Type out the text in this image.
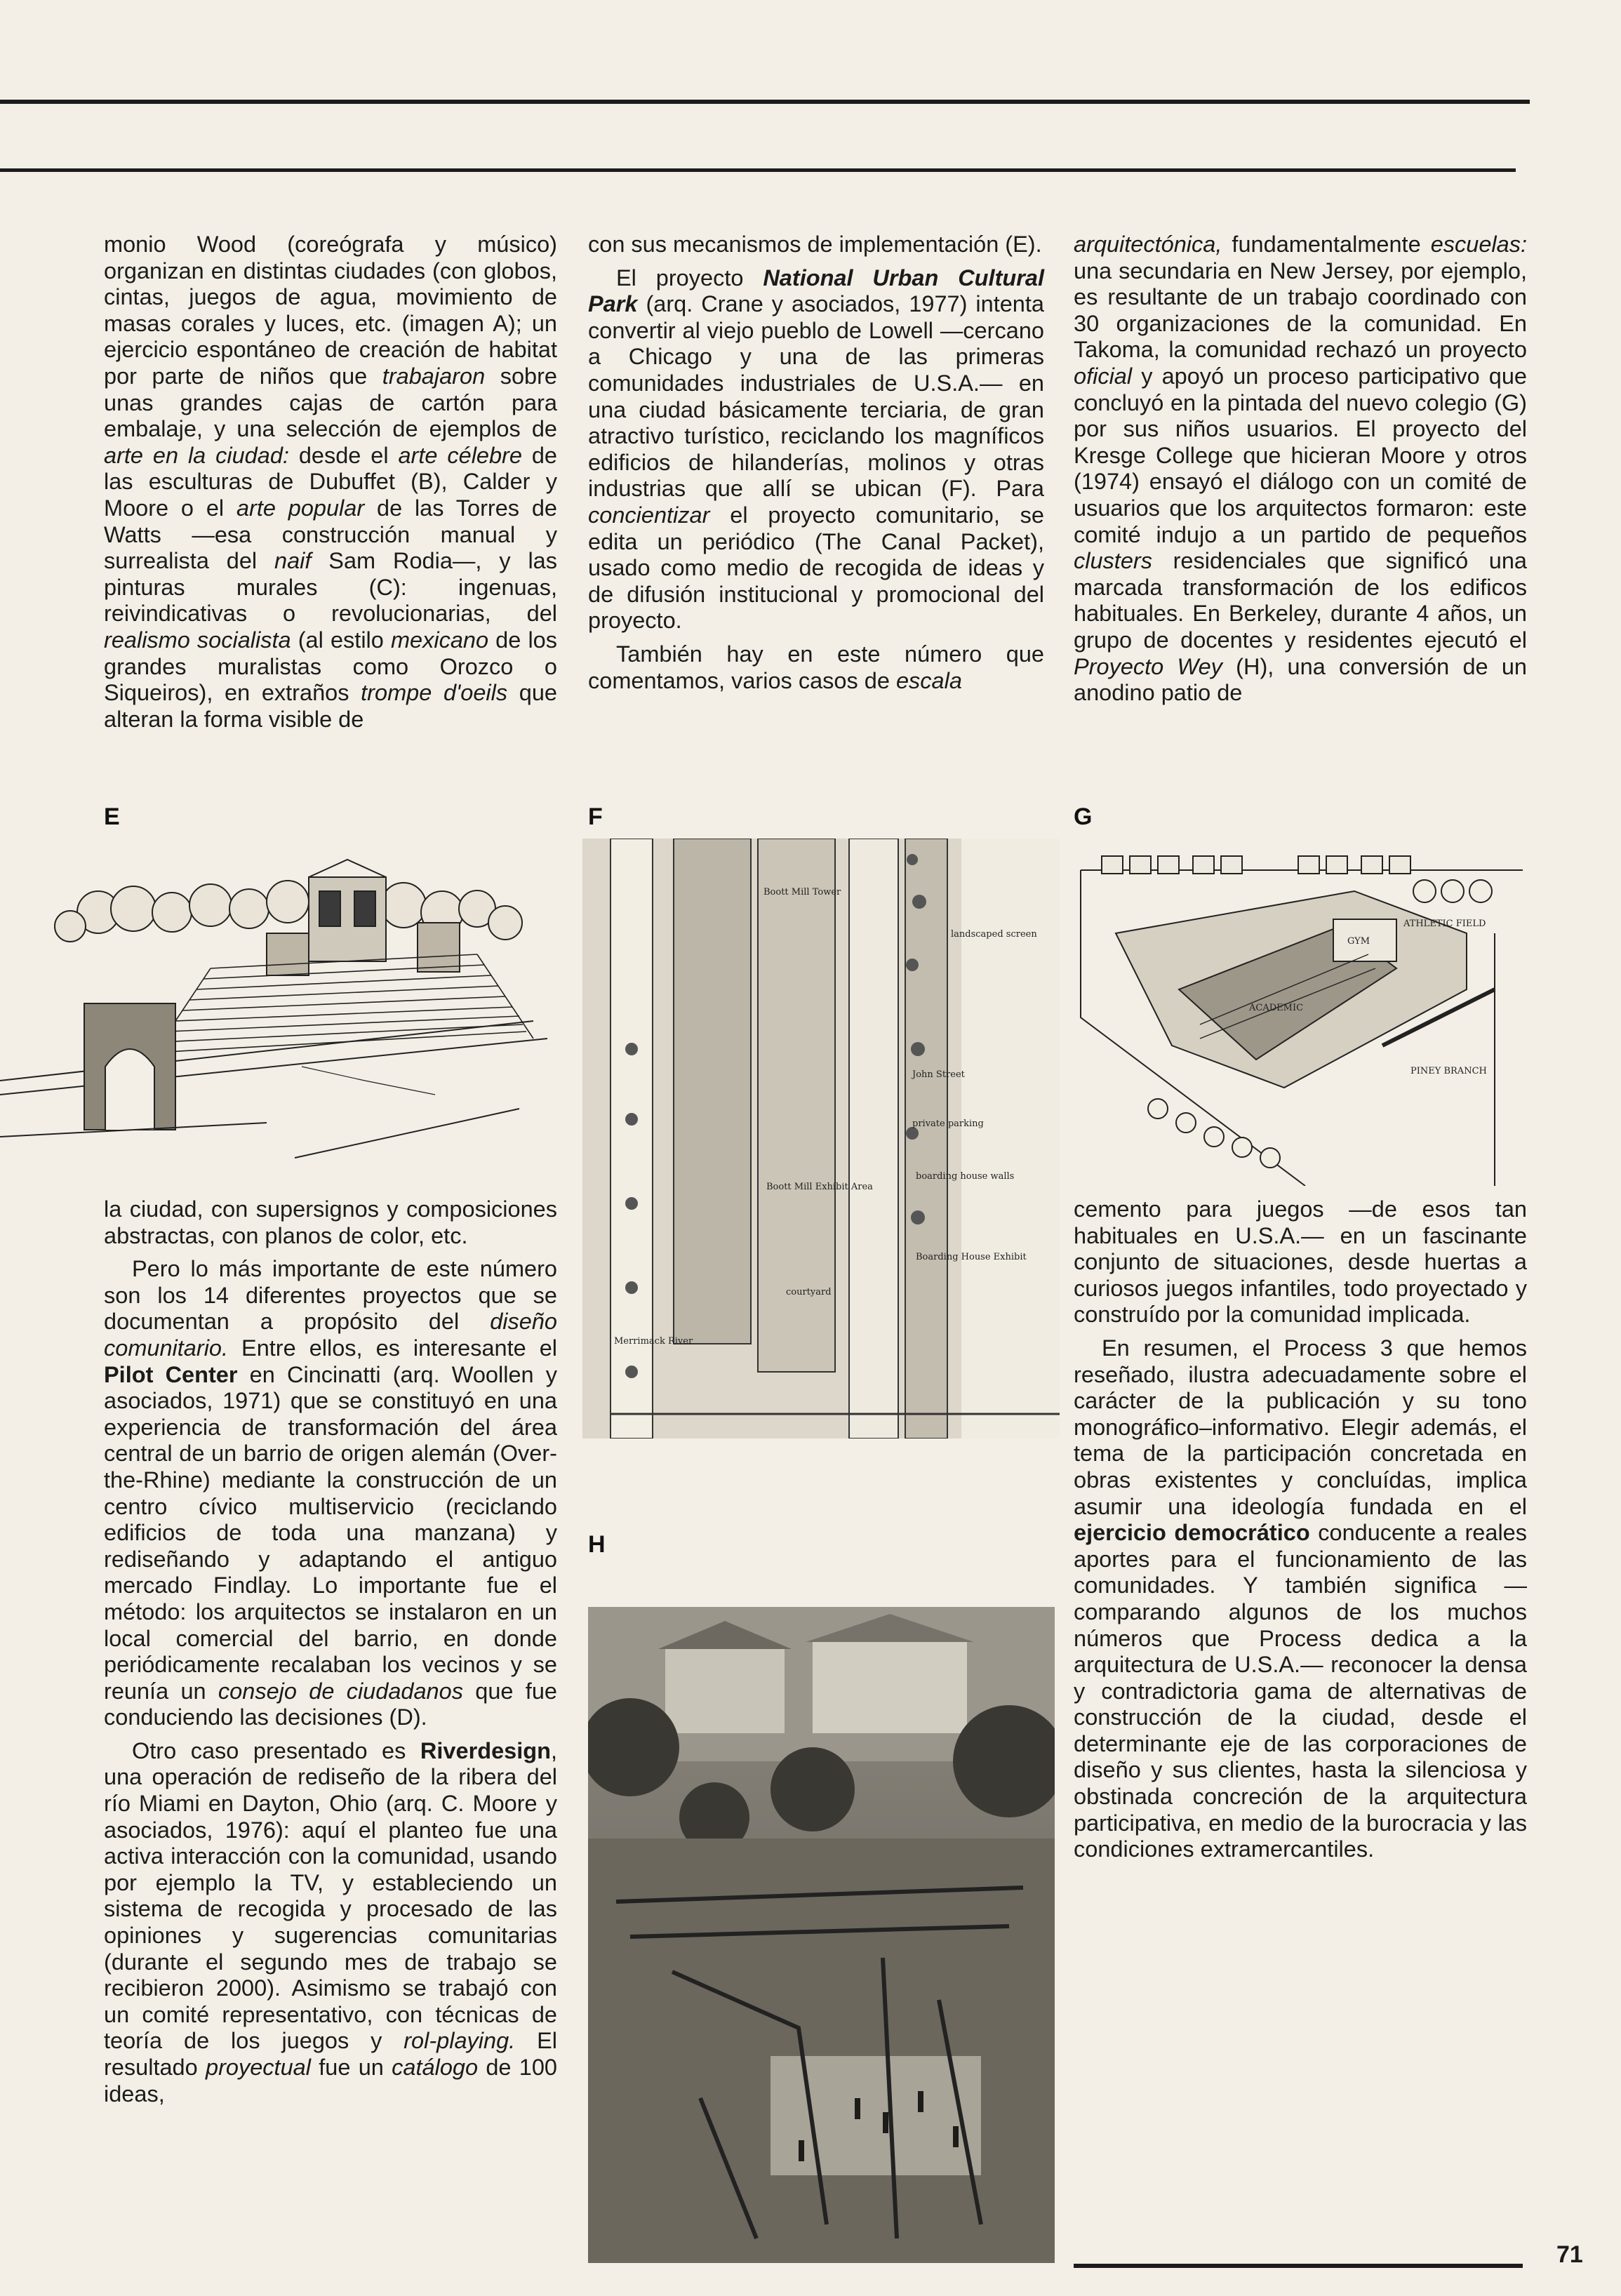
monio Wood (coreógrafa y músico) organizan en distintas ciudades (con globos, cintas, juegos de agua, movimiento de masas corales y luces, etc. (imagen A); un ejercicio espontáneo de creación de habitat por parte de niños que trabajaron sobre unas grandes cajas de cartón para embalaje, y una selección de ejemplos de arte en la ciudad: desde el arte célebre de las esculturas de Dubuffet (B), Calder y Moore o el arte popular de las Torres de Watts —esa construcción manual y surrealista del naif Sam Rodia—, y las pinturas murales (C): ingenuas, reivindicativas o revolucionarias, del realismo socialista (al estilo mexicano de los grandes muralistas como Orozco o Siqueiros), en extraños trompe d'oeils que alteran la forma visible de

E

con sus mecanismos de implementación (E).

El proyecto National Urban Cultural Park (arq. Crane y asociados, 1977) intenta convertir al viejo pueblo de Lowell —cercano a Chicago y una de las primeras comunidades industriales de U.S.A.— en una ciudad básicamente terciaria, de gran atractivo turístico, reciclando los magníficos edificios de hilanderías, molinos y otras industrias que allí se ubican (F). Para concientizar el proyecto comunitario, se edita un periódico (The Canal Packet), usado como medio de recogida de ideas y de difusión institucional y promocional del proyecto.

También hay en este número que comentamos, varios casos de escala

F

arquitectónica, fundamentalmente escuelas: una secundaria en New Jersey, por ejemplo, es resultante de un trabajo coordinado con 30 organizaciones de la comunidad. En Takoma, la comunidad rechazó un proyecto oficial y apoyó un proceso participativo que concluyó en la pintada del nuevo colegio (G) por sus niños usuarios. El proyecto del Kresge College que hicieran Moore y otros (1974) ensayó el diálogo con un comité de usuarios que los arquitectos formaron: este comité indujo a un partido de pequeños clusters residenciales que significó una marcada transformación de los edificos habituales. En Berkeley, durante 4 años, un grupo de docentes y residentes ejecutó el Proyecto Wey (H), una conversión de un anodino patio de

G
Boott Mill Tower
landscaped screen
John Street
private parking
Boott Mill Exhibit Area
boarding house walls
Boarding House Exhibit
courtyard
Merrimack River
GYM
ATHLETIC FIELD
ACADEMIC
PINEY BRANCH

la ciudad, con supersignos y composiciones abstractas, con planos de color, etc.

Pero lo más importante de este número son los 14 diferentes proyectos que se documentan a propósito del diseño comunitario. Entre ellos, es interesante el Pilot Center en Cincinatti (arq. Woollen y asociados, 1971) que se constituyó en una experiencia de transformación del área central de un barrio de origen alemán (Over-the-Rhine) mediante la construcción de un centro cívico multiservicio (reciclando edificios de toda una manzana) y rediseñando y adaptando el antiguo mercado Findlay. Lo importante fue el método: los arquitectos se instalaron en un local comercial del barrio, en donde periódicamente recalaban los vecinos y se reunía un consejo de ciudadanos que fue conduciendo las decisiones (D).

Otro caso presentado es Riverdesign, una operación de rediseño de la ribera del río Miami en Dayton, Ohio (arq. C. Moore y asociados, 1976): aquí el planteo fue una activa interacción con la comunidad, usando por ejemplo la TV, y estableciendo un sistema de recogida y procesado de las opiniones y sugerencias comunitarias (durante el segundo mes de trabajo se recibieron 2000). Asimismo se trabajó con un comité representativo, con técnicas de teoría de los juegos y rol-playing. El resultado proyectual fue un catálogo de 100 ideas,

cemento para juegos —de esos tan habituales en U.S.A.— en un fascinante conjunto de situaciones, desde huertas a curiosos juegos infantiles, todo proyectado y construído por la comunidad implicada.

En resumen, el Process 3 que hemos reseñado, ilustra adecuadamente sobre el carácter de la publicación y su tono monográfico–informativo. Elegir además, el tema de la participación concretada en obras existentes y concluídas, implica asumir una ideología fundada en el ejercicio democrático conducente a reales aportes para el funcionamiento de las comunidades. Y también significa —comparando algunos de los muchos números que Process dedica a la arquitectura de U.S.A.— reconocer la densa y contradictoria gama de alternativas de construcción de la ciudad, desde el determinante eje de las corporaciones de diseño y sus clientes, hasta la silenciosa y obstinada concreción de la arquitectura participativa, en medio de la burocracia y las condiciones extramercantiles.

H
71
